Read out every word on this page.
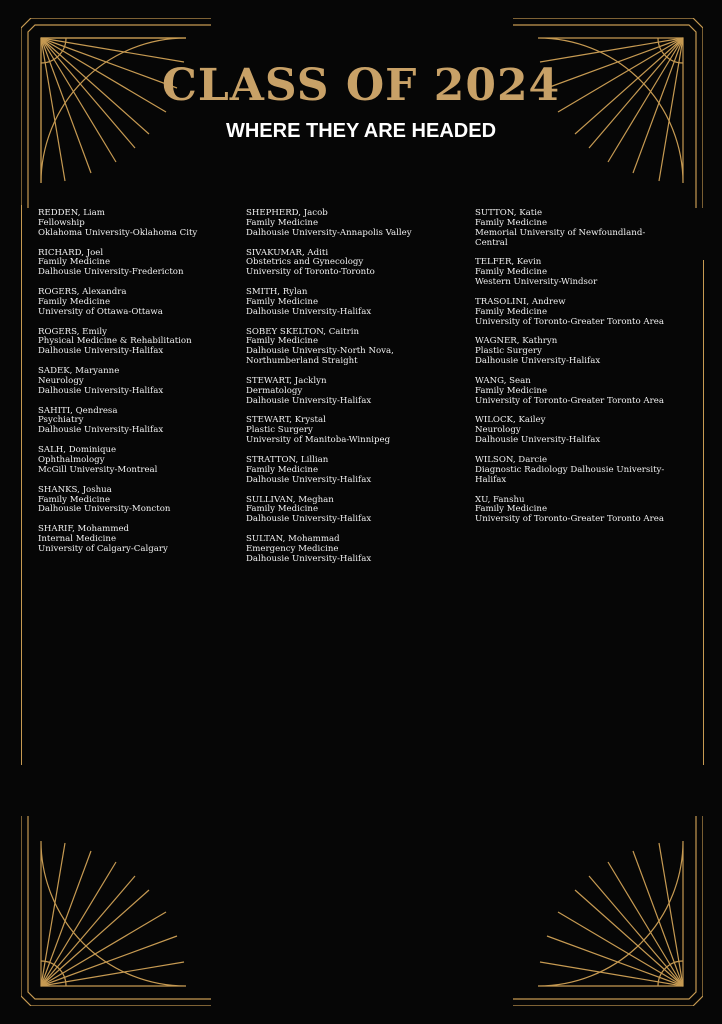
CLASS OF 2024
WHERE THEY ARE HEADED
REDDEN, Liam
Fellowship
Oklahoma University-Oklahoma City
RICHARD, Joel
Family Medicine
Dalhousie University-Fredericton
ROGERS, Alexandra
Family Medicine
University of Ottawa-Ottawa
ROGERS, Emily
Physical Medicine & Rehabilitation
Dalhousie University-Halifax
SADEK, Maryanne
Neurology
Dalhousie University-Halifax
SAHITI, Qendresa
Psychiatry
Dalhousie University-Halifax
SALH, Dominique
Ophthalmology
McGill University-Montreal
SHANKS, Joshua
Family Medicine
Dalhousie University-Moncton
SHARIF, Mohammed
Internal Medicine
University of Calgary-Calgary
SHEPHERD, Jacob
Family Medicine
Dalhousie University-Annapolis Valley
SIVAKUMAR, Aditi
Obstetrics and Gynecology
University of Toronto-Toronto
SMITH, Rylan
Family Medicine
Dalhousie University-Halifax
SOBEY SKELTON, Caitrin
Family Medicine
Dalhousie University-North Nova,
Northumberland Straight
STEWART, Jacklyn
Dermatology
Dalhousie University-Halifax
STEWART, Krystal
Plastic Surgery
University of Manitoba-Winnipeg
STRATTON, Lillian
Family Medicine
Dalhousie University-Halifax
SULLIVAN, Meghan
Family Medicine
Dalhousie University-Halifax
SULTAN, Mohammad
Emergency Medicine
Dalhousie University-Halifax
SUTTON, Katie
Family Medicine
Memorial University of Newfoundland-
Central
TELFER, Kevin
Family Medicine
Western University-Windsor
TRASOLINI, Andrew
Family Medicine
University of Toronto-Greater Toronto Area
WAGNER, Kathryn
Plastic Surgery
Dalhousie University-Halifax
WANG, Sean
Family Medicine
University of Toronto-Greater Toronto Area
WILOCK, Kailey
Neurology
Dalhousie University-Halifax
WILSON, Darcie
Diagnostic Radiology Dalhousie University-
Halifax
XU, Fanshu
Family Medicine
University of Toronto-Greater Toronto Area
